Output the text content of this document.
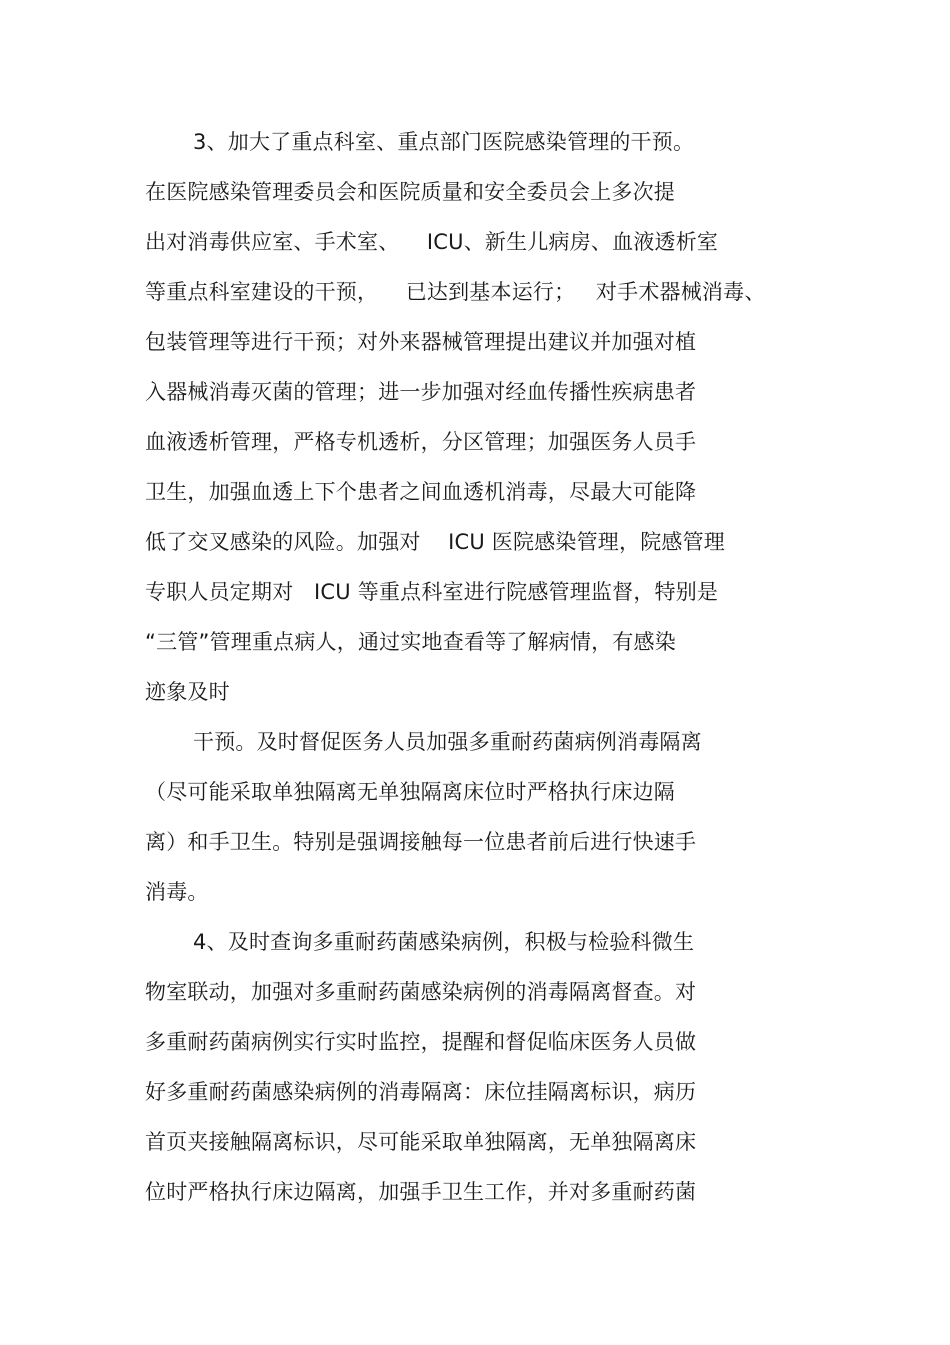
3、加大了重点科室、重点部门医院感染管理的干预。
在医院感染管理委员会和医院质量和安全委员会上多次提
出对消毒供应室、手术室、    ICU、新生儿病房、血液透析室
等重点科室建设的干预，    已达到基本运行；   对手术器械消毒、
包装管理等进行干预；对外来器械管理提出建议并加强对植
入器械消毒灭菌的管理；进一步加强对经血传播性疾病患者
血液透析管理，严格专机透析，分区管理；加强医务人员手
卫生，加强血透上下个患者之间血透机消毒，尽最大可能降
低了交叉感染的风险。加强对    ICU 医院感染管理，院感管理
专职人员定期对   ICU 等重点科室进行院感管理监督，特别是
“三管”管理重点病人，通过实地查看等了解病情，有感染
迹象及时
干预。及时督促医务人员加强多重耐药菌病例消毒隔离
（尽可能采取单独隔离无单独隔离床位时严格执行床边隔
离）和手卫生。特别是强调接触每一位患者前后进行快速手
消毒。
4、及时查询多重耐药菌感染病例，积极与检验科微生
物室联动，加强对多重耐药菌感染病例的消毒隔离督查。对
多重耐药菌病例实行实时监控，提醒和督促临床医务人员做
好多重耐药菌感染病例的消毒隔离：床位挂隔离标识，病历
首页夹接触隔离标识，尽可能采取单独隔离，无单独隔离床
位时严格执行床边隔离，加强手卫生工作，并对多重耐药菌
